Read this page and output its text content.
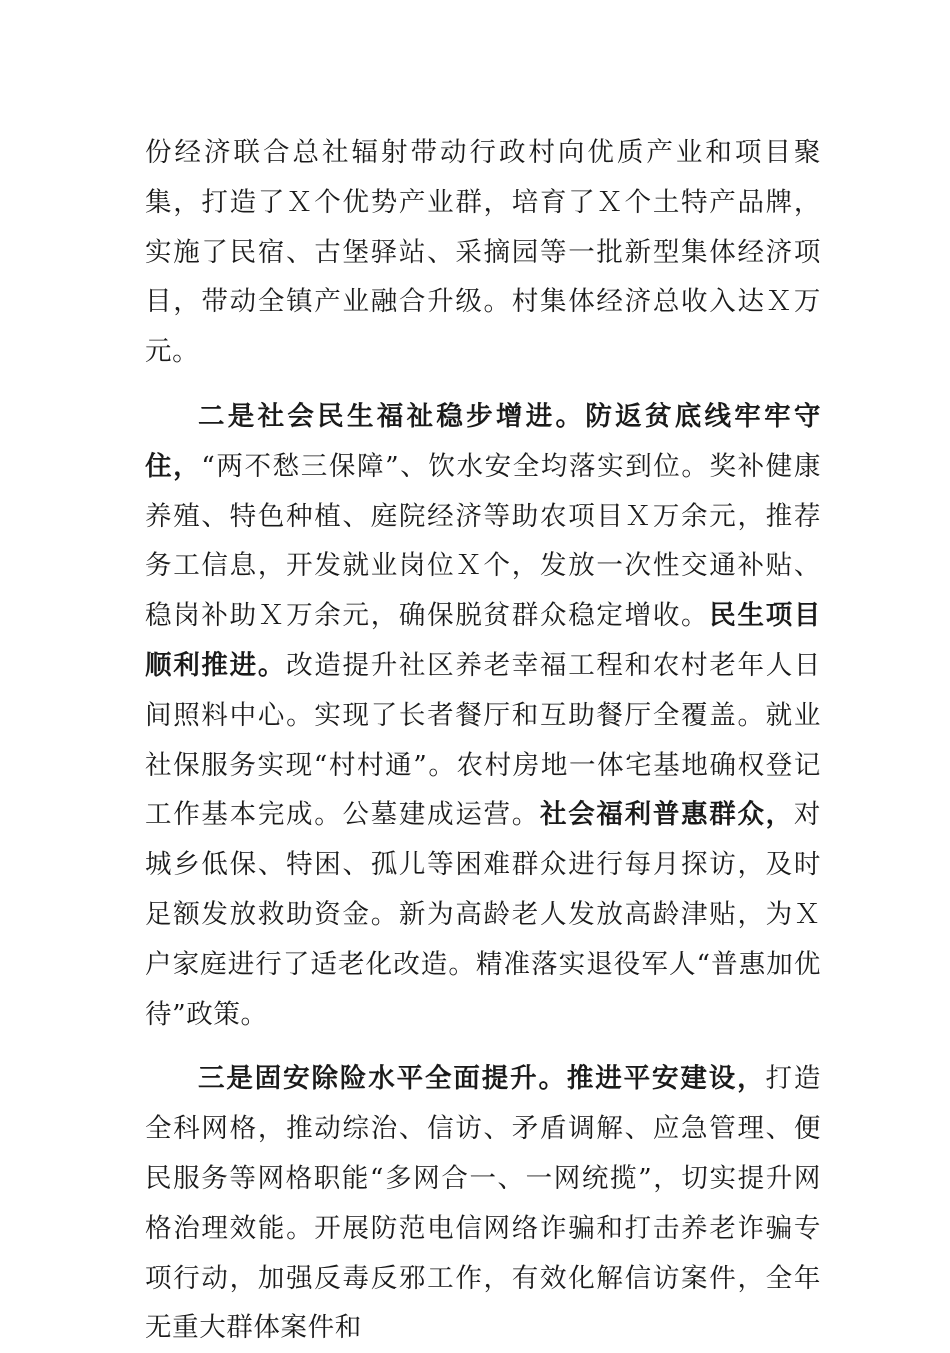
份经济联合总社辐射带动行政村向优质产业和项目聚集，打造了Ｘ个优势产业群，培育了Ｘ个土特产品牌，实施了民宿、古堡驿站、采摘园等一批新型集体经济项目，带动全镇产业融合升级。村集体经济总收入达Ｘ万元。

二是社会民生福祉稳步增进。防返贫底线牢牢守住，“两不愁三保障”、饮水安全均落实到位。奖补健康养殖、特色种植、庭院经济等助农项目Ｘ万余元，推荐务工信息，开发就业岗位Ｘ个，发放一次性交通补贴、稳岗补助Ｘ万余元，确保脱贫群众稳定增收。民生项目顺利推进。改造提升社区养老幸福工程和农村老年人日间照料中心。实现了长者餐厅和互助餐厅全覆盖。就业社保服务实现“村村通”。农村房地一体宅基地确权登记工作基本完成。公墓建成运营。社会福利普惠群众，对城乡低保、特困、孤儿等困难群众进行每月探访，及时足额发放救助资金。新为高龄老人发放高龄津贴，为Ｘ户家庭进行了适老化改造。精准落实退役军人“普惠加优待”政策。

三是固安除险水平全面提升。推进平安建设，打造全科网格，推动综治、信访、矛盾调解、应急管理、便民服务等网格职能“多网合一、一网统揽”，切实提升网格治理效能。开展防范电信网络诈骗和打击养老诈骗专项行动，加强反毒反邪工作，有效化解信访案件，全年无重大群体案件和
